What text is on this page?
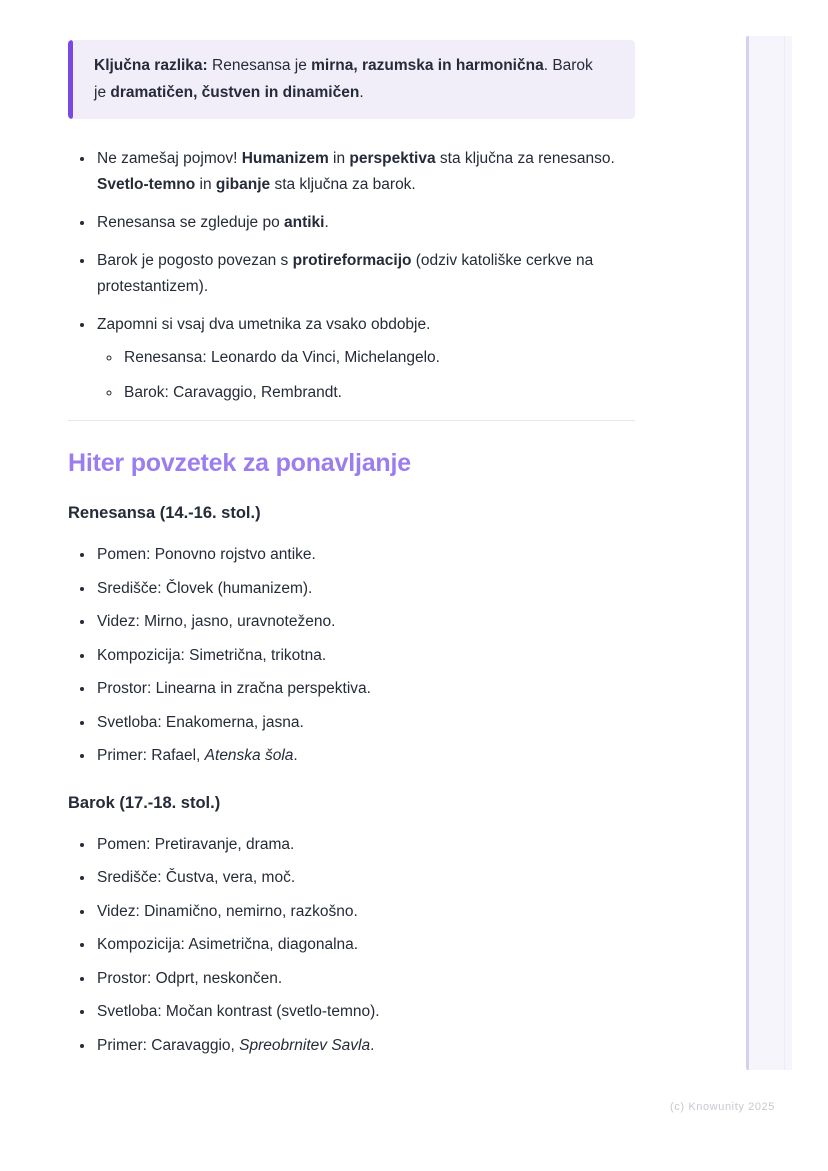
Ključna razlika: Renesansa je mirna, razumska in harmonična. Barok je dramatičen, čustven in dinamičen.

• Ne zamešaj pojmov! Humanizem in perspektiva sta ključna za renesanso. Svetlo-temno in gibanje sta ključna za barok.
• Renesansa se zgleduje po antiki.
• Barok je pogosto povezan s protireformacijo (odziv katoliške cerkve na protestantizem).
• Zapomni si vsaj dva umetnika za vsako obdobje.
◦ Renesansa: Leonardo da Vinci, Michelangelo.
◦ Barok: Caravaggio, Rembrandt.
Hiter povzetek za ponavljanje
Renesansa (14.-16. stol.)
• Pomen: Ponovno rojstvo antike.
• Središče: Človek (humanizem).
• Videz: Mirno, jasno, uravnoteženo.
• Kompozicija: Simetrična, trikotna.
• Prostor: Linearna in zračna perspektiva.
• Svetloba: Enakomerna, jasna.
• Primer: Rafael, Atenska šola.
Barok (17.-18. stol.)
• Pomen: Pretiravanje, drama.
• Središče: Čustva, vera, moč.
• Videz: Dinamično, nemirno, razkošno.
• Kompozicija: Asimetrična, diagonalna.
• Prostor: Odprt, neskončen.
• Svetloba: Močan kontrast (svetlo-temno).
• Primer: Caravaggio, Spreobrnitev Savla.
(c) Knowunity 2025
